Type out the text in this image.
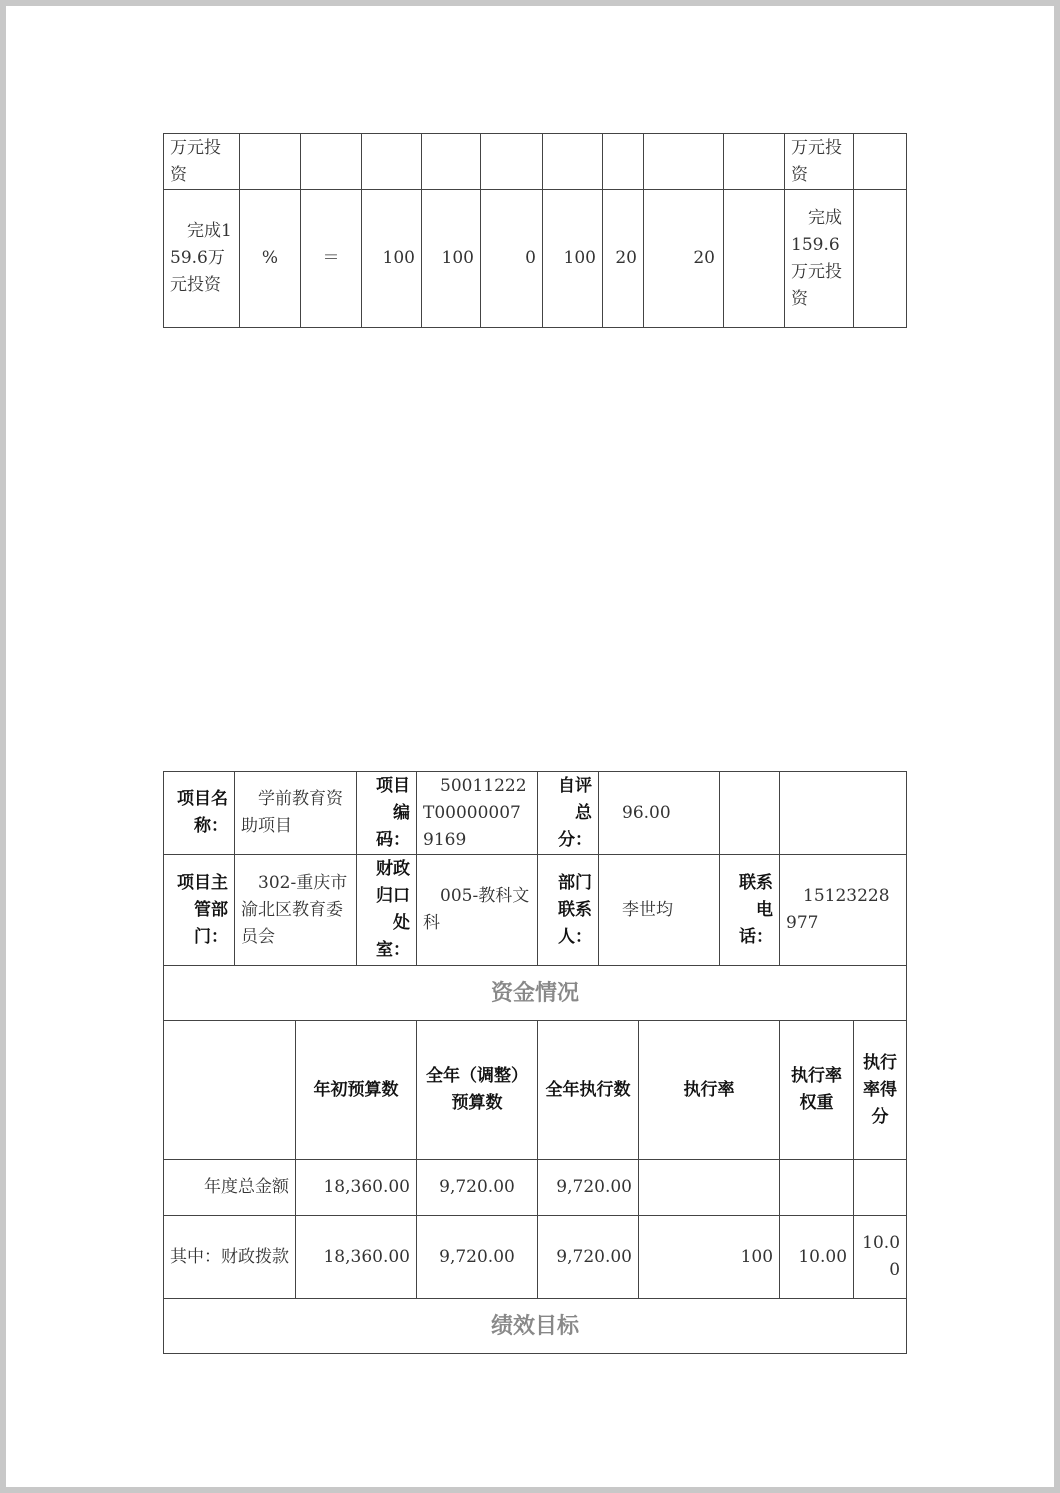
万元投资										万元投资	
完成159.6万元投资	%	＝	100	100	0	100	20	20		完成159.6万元投资	
项目名称：	学前教育资助项目		项目编码：	50011222T000000079169	自评总分：	96.00				
项目主管部门：	302-重庆市渝北区教育委员会		财政归口处室：	005-教科文科	部门联系人：	李世均		联系电话：	15123228977	
资金情况										
		年初预算数		全年（调整）预算数	全年执行数		执行率		执行率权重	执行率得分
年度总金额		18,360.00		9,720.00	9,720.00					
其中：财政拨款		18,360.00		9,720.00	9,720.00		100		10.00	10.00
绩效目标										
